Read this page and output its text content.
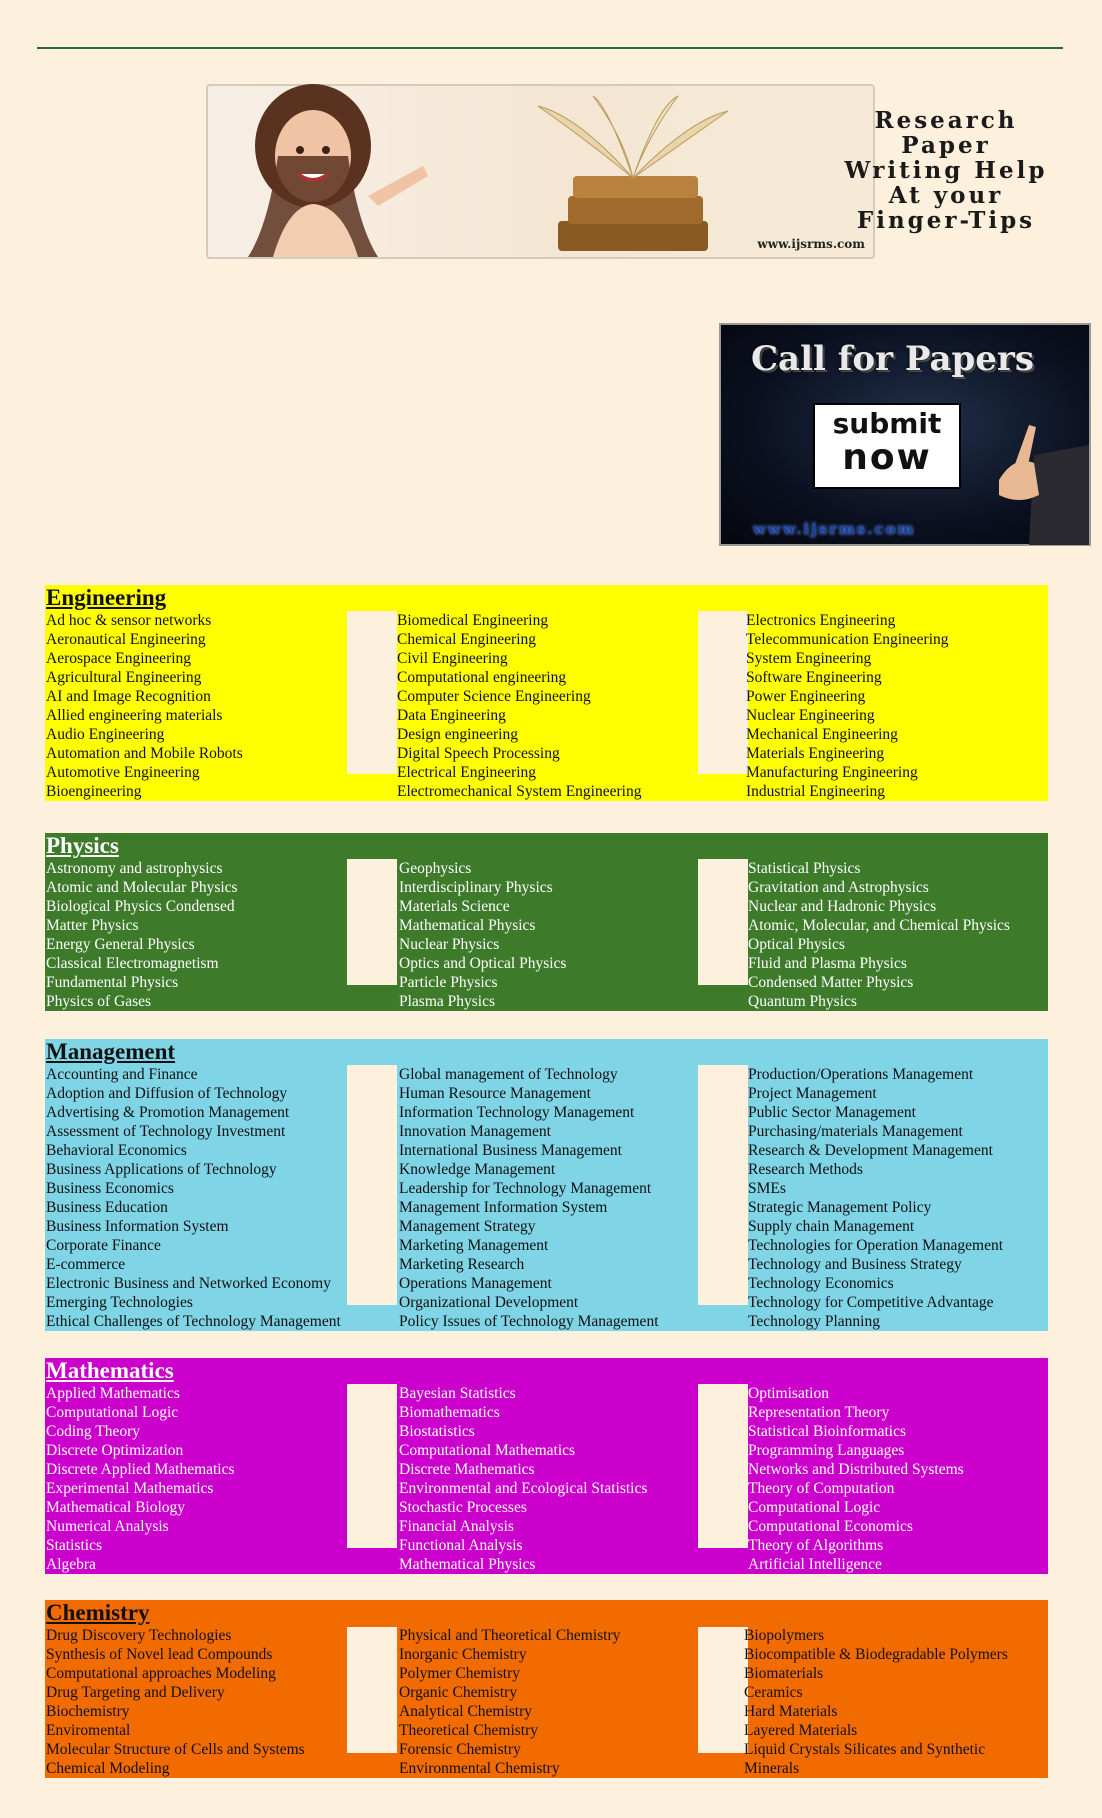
Research Paper
Writing Help
At your
Finger-Tips
www.ijsrms.com
Call for Papers
submit
now
www.ijsrms.com
Engineering
Ad hoc & sensor networks
Aeronautical Engineering
Aerospace Engineering
Agricultural Engineering
AI and Image Recognition
Allied engineering materials
Audio Engineering
Automation and Mobile Robots
Automotive Engineering
Bioengineering
Biomedical Engineering
Chemical Engineering
Civil Engineering
Computational engineering
Computer Science Engineering
Data Engineering
Design engineering
Digital Speech Processing
Electrical Engineering
Electromechanical System Engineering
Electronics Engineering
Telecommunication Engineering
System Engineering
Software Engineering
Power Engineering
Nuclear Engineering
Mechanical Engineering
Materials Engineering
Manufacturing Engineering
Industrial Engineering
Physics
Astronomy and astrophysics
Atomic and Molecular Physics
Biological Physics Condensed
Matter Physics
Energy General Physics
Classical Electromagnetism
Fundamental Physics
Physics of Gases
Geophysics
Interdisciplinary Physics
Materials Science
Mathematical Physics
Nuclear Physics
Optics and Optical Physics
Particle Physics
Plasma Physics
Statistical Physics
Gravitation and Astrophysics
Nuclear and Hadronic Physics
Atomic, Molecular, and Chemical Physics
Optical Physics
Fluid and Plasma Physics
Condensed Matter Physics
Quantum Physics
Management
Accounting and Finance
Adoption and Diffusion of Technology
Advertising & Promotion Management
Assessment of Technology Investment
Behavioral Economics
Business Applications of Technology
Business Economics
Business Education
Business Information System
Corporate Finance
E-commerce
Electronic Business and Networked Economy
Emerging Technologies
Ethical Challenges of Technology Management
Global management of Technology
Human Resource Management
Information Technology Management
Innovation Management
International Business Management
Knowledge Management
Leadership for Technology Management
Management Information System
Management Strategy
Marketing Management
Marketing Research
Operations Management
Organizational Development
Policy Issues of Technology Management
Production/Operations Management
Project Management
Public Sector Management
Purchasing/materials Management
Research & Development Management
Research Methods
SMEs
Strategic Management Policy
Supply chain Management
Technologies for Operation Management
Technology and Business Strategy
Technology Economics
Technology for Competitive Advantage
Technology Planning
Mathematics
Applied Mathematics
Computational Logic
Coding Theory
Discrete Optimization
Discrete Applied Mathematics
Experimental Mathematics
Mathematical Biology
Numerical Analysis
Statistics
Algebra
Bayesian Statistics
Biomathematics
Biostatistics
Computational Mathematics
Discrete Mathematics
Environmental and Ecological Statistics
Stochastic Processes
Financial Analysis
Functional Analysis
Mathematical Physics
Optimisation
Representation Theory
Statistical Bioinformatics
Programming Languages
Networks and Distributed Systems
Theory of Computation
Computational Logic
Computational Economics
Theory of Algorithms
Artificial Intelligence
Chemistry
Drug Discovery Technologies
Synthesis of Novel lead Compounds
Computational approaches Modeling
Drug Targeting and Delivery
Biochemistry
Enviromental
Molecular Structure of Cells and Systems
Chemical Modeling
Physical and Theoretical Chemistry
Inorganic Chemistry
Polymer Chemistry
Organic Chemistry
Analytical Chemistry
Theoretical Chemistry
Forensic Chemistry
Environmental Chemistry
Biopolymers
Biocompatible & Biodegradable Polymers
Biomaterials
Ceramics
Hard Materials
Layered Materials
Liquid Crystals Silicates and Synthetic
Minerals
